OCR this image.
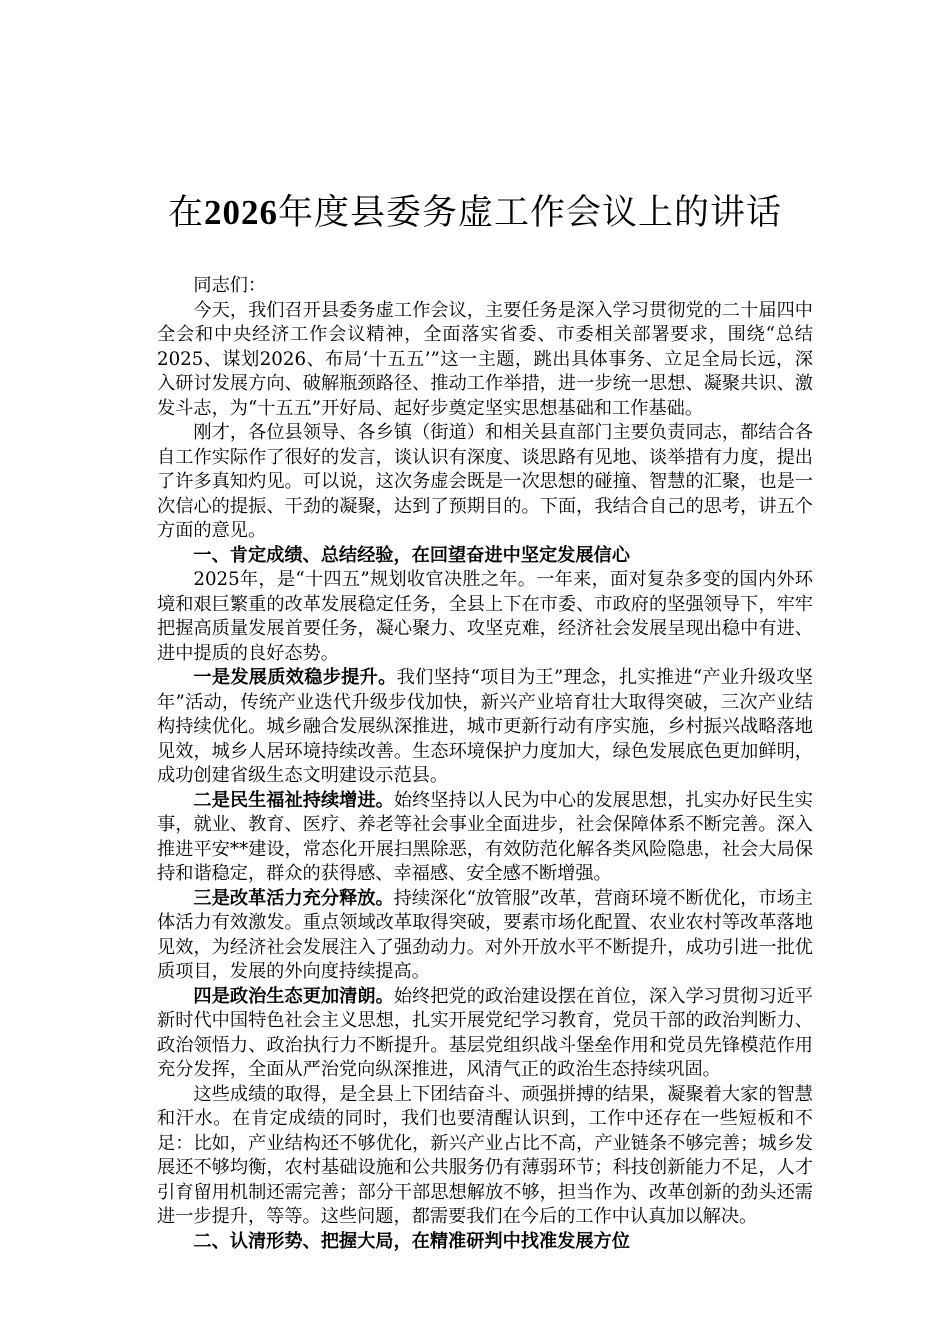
在2026年度县委务虚工作会议上的讲话

同志们：

今天，我们召开县委务虚工作会议，主要任务是深入学习贯彻党的二十届四中全会和中央经济工作会议精神，全面落实省委、市委相关部署要求，围绕“总结2025、谋划2026、布局‘十五五’”这一主题，跳出具体事务、立足全局长远，深入研讨发展方向、破解瓶颈路径、推动工作举措，进一步统一思想、凝聚共识、激发斗志，为“十五五”开好局、起好步奠定坚实思想基础和工作基础。

刚才，各位县领导、各乡镇（街道）和相关县直部门主要负责同志，都结合各自工作实际作了很好的发言，谈认识有深度、谈思路有见地、谈举措有力度，提出了许多真知灼见。可以说，这次务虚会既是一次思想的碰撞、智慧的汇聚，也是一次信心的提振、干劲的凝聚，达到了预期目的。下面，我结合自己的思考，讲五个方面的意见。

一、肯定成绩、总结经验，在回望奋进中坚定发展信心

2025年，是“十四五”规划收官决胜之年。一年来，面对复杂多变的国内外环境和艰巨繁重的改革发展稳定任务，全县上下在市委、市政府的坚强领导下，牢牢把握高质量发展首要任务，凝心聚力、攻坚克难，经济社会发展呈现出稳中有进、进中提质的良好态势。

一是发展质效稳步提升。我们坚持“项目为王”理念，扎实推进“产业升级攻坚年”活动，传统产业迭代升级步伐加快，新兴产业培育壮大取得突破，三次产业结构持续优化。城乡融合发展纵深推进，城市更新行动有序实施，乡村振兴战略落地见效，城乡人居环境持续改善。生态环境保护力度加大，绿色发展底色更加鲜明，成功创建省级生态文明建设示范县。

二是民生福祉持续增进。始终坚持以人民为中心的发展思想，扎实办好民生实事，就业、教育、医疗、养老等社会事业全面进步，社会保障体系不断完善。深入推进平安**建设，常态化开展扫黑除恶，有效防范化解各类风险隐患，社会大局保持和谐稳定，群众的获得感、幸福感、安全感不断增强。

三是改革活力充分释放。持续深化“放管服”改革，营商环境不断优化，市场主体活力有效激发。重点领域改革取得突破，要素市场化配置、农业农村等改革落地见效，为经济社会发展注入了强劲动力。对外开放水平不断提升，成功引进一批优质项目，发展的外向度持续提高。

四是政治生态更加清朗。始终把党的政治建设摆在首位，深入学习贯彻习近平新时代中国特色社会主义思想，扎实开展党纪学习教育，党员干部的政治判断力、政治领悟力、政治执行力不断提升。基层党组织战斗堡垒作用和党员先锋模范作用充分发挥，全面从严治党向纵深推进，风清气正的政治生态持续巩固。

这些成绩的取得，是全县上下团结奋斗、顽强拼搏的结果，凝聚着大家的智慧和汗水。在肯定成绩的同时，我们也要清醒认识到，工作中还存在一些短板和不足：比如，产业结构还不够优化，新兴产业占比不高，产业链条不够完善；城乡发展还不够均衡，农村基础设施和公共服务仍有薄弱环节；科技创新能力不足，人才引育留用机制还需完善；部分干部思想解放不够，担当作为、改革创新的劲头还需进一步提升，等等。这些问题，都需要我们在今后的工作中认真加以解决。

二、认清形势、把握大局，在精准研判中找准发展方位
